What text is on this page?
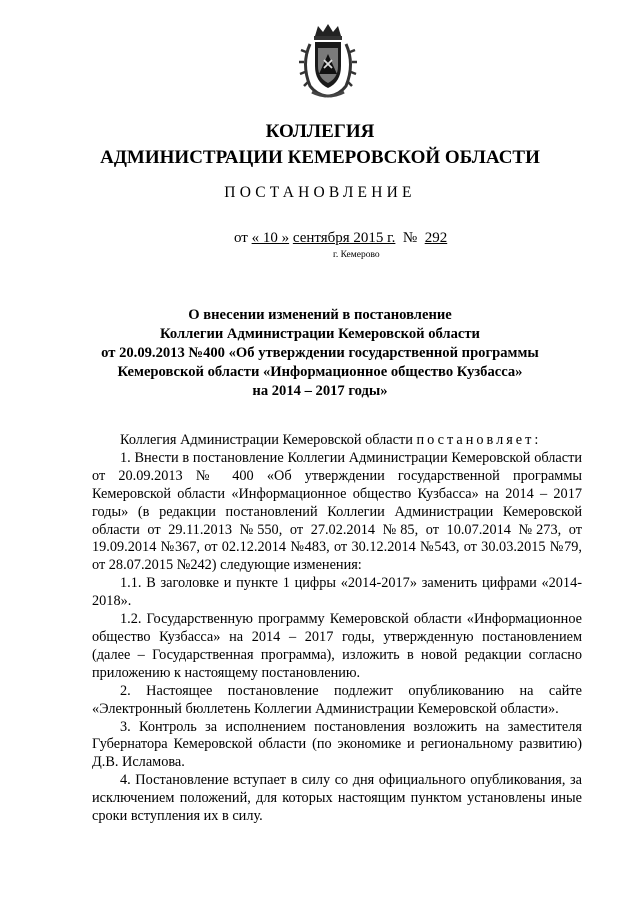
КОЛЛЕГИЯ
АДМИНИСТРАЦИИ КЕМЕРОВСКОЙ ОБЛАСТИ
ПОСТАНОВЛЕНИЕ
от « 10 » сентября 2015 г. № 292
г. Кемерово
О внесении изменений в постановление
Коллегии Администрации Кемеровской области
от 20.09.2013 №400 «Об утверждении государственной программы
Кемеровской области «Информационное общество Кузбасса»
на 2014 – 2017 годы»

Коллегия Администрации Кемеровской области постановляет:

1. Внести в постановление Коллегии Администрации Кемеровской области от 20.09.2013 № 400 «Об утверждении государственной программы Кемеровской области «Информационное общество Кузбасса» на 2014 – 2017 годы» (в редакции постановлений Коллегии Администрации Кемеровской области от 29.11.2013 №550, от 27.02.2014 №85, от 10.07.2014 №273, от 19.09.2014 №367, от 02.12.2014 №483, от 30.12.2014 №543, от 30.03.2015 №79, от 28.07.2015 №242) следующие изменения:

1.1. В заголовке и пункте 1 цифры «2014-2017» заменить цифрами «2014-2018».

1.2. Государственную программу Кемеровской области «Информационное общество Кузбасса» на 2014 – 2017 годы, утвержденную постановлением (далее – Государственная программа), изложить в новой редакции согласно приложению к настоящему постановлению.

2. Настоящее постановление подлежит опубликованию на сайте «Электронный бюллетень Коллегии Администрации Кемеровской области».

3. Контроль за исполнением постановления возложить на заместителя Губернатора Кемеровской области (по экономике и региональному развитию) Д.В. Исламова.

4. Постановление вступает в силу со дня официального опубликования, за исключением положений, для которых настоящим пунктом установлены иные сроки вступления их в силу.
